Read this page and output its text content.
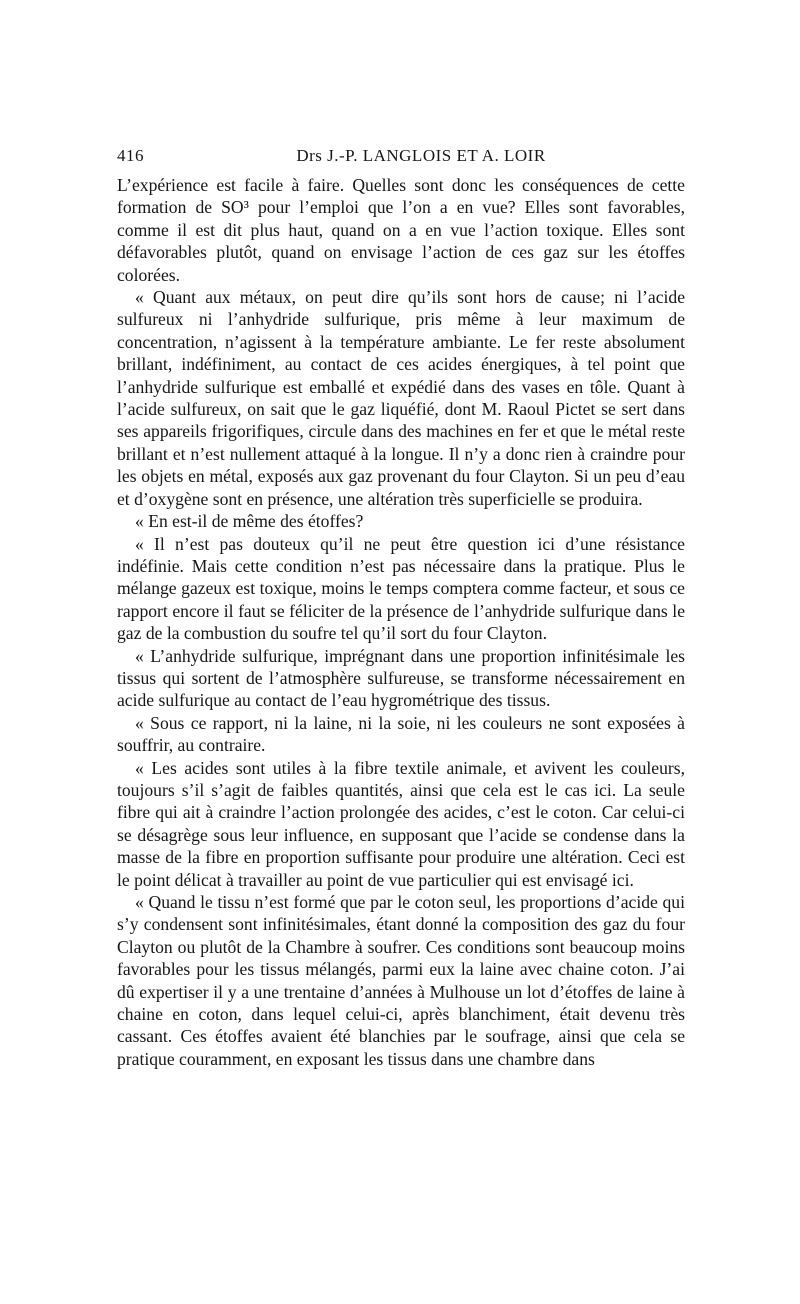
416	Drs J.-P. LANGLOIS ET A. LOIR

L’expérience est facile à faire. Quelles sont donc les conséquences de cette formation de SO³ pour l’emploi que l’on a en vue? Elles sont favorables, comme il est dit plus haut, quand on a en vue l’action toxique. Elles sont défavorables plutôt, quand on envisage l’action de ces gaz sur les étoffes colorées.

« Quant aux métaux, on peut dire qu’ils sont hors de cause; ni l’acide sulfureux ni l’anhydride sulfurique, pris même à leur maximum de concentration, n’agissent à la température ambiante. Le fer reste absolument brillant, indéfiniment, au contact de ces acides énergiques, à tel point que l’anhydride sulfurique est emballé et expédié dans des vases en tôle. Quant à l’acide sulfureux, on sait que le gaz liquéfié, dont M. Raoul Pictet se sert dans ses appareils frigorifiques, circule dans des machines en fer et que le métal reste brillant et n’est nullement attaqué à la longue. Il n’y a donc rien à craindre pour les objets en métal, exposés aux gaz provenant du four Clayton. Si un peu d’eau et d’oxygène sont en présence, une altération très superficielle se produira.

« En est-il de même des étoffes?

« Il n’est pas douteux qu’il ne peut être question ici d’une résistance indéfinie. Mais cette condition n’est pas nécessaire dans la pratique. Plus le mélange gazeux est toxique, moins le temps comptera comme facteur, et sous ce rapport encore il faut se féliciter de la présence de l’anhydride sulfurique dans le gaz de la combustion du soufre tel qu’il sort du four Clayton.

« L’anhydride sulfurique, imprégnant dans une proportion infinitésimale les tissus qui sortent de l’atmosphère sulfureuse, se transforme nécessairement en acide sulfurique au contact de l’eau hygrométrique des tissus.

« Sous ce rapport, ni la laine, ni la soie, ni les couleurs ne sont exposées à souffrir, au contraire.

« Les acides sont utiles à la fibre textile animale, et avivent les couleurs, toujours s’il s’agit de faibles quantités, ainsi que cela est le cas ici. La seule fibre qui ait à craindre l’action prolongée des acides, c’est le coton. Car celui-ci se désagrège sous leur influence, en supposant que l’acide se condense dans la masse de la fibre en proportion suffisante pour produire une altération. Ceci est le point délicat à travailler au point de vue particulier qui est envisagé ici.

« Quand le tissu n’est formé que par le coton seul, les proportions d’acide qui s’y condensent sont infinitésimales, étant donné la composition des gaz du four Clayton ou plutôt de la Chambre à soufrer. Ces conditions sont beaucoup moins favorables pour les tissus mélangés, parmi eux la laine avec chaine coton. J’ai dû expertiser il y a une trentaine d’années à Mulhouse un lot d’étoffes de laine à chaine en coton, dans lequel celui-ci, après blanchiment, était devenu très cassant. Ces étoffes avaient été blanchies par le soufrage, ainsi que cela se pratique couramment, en exposant les tissus dans une chambre dans
